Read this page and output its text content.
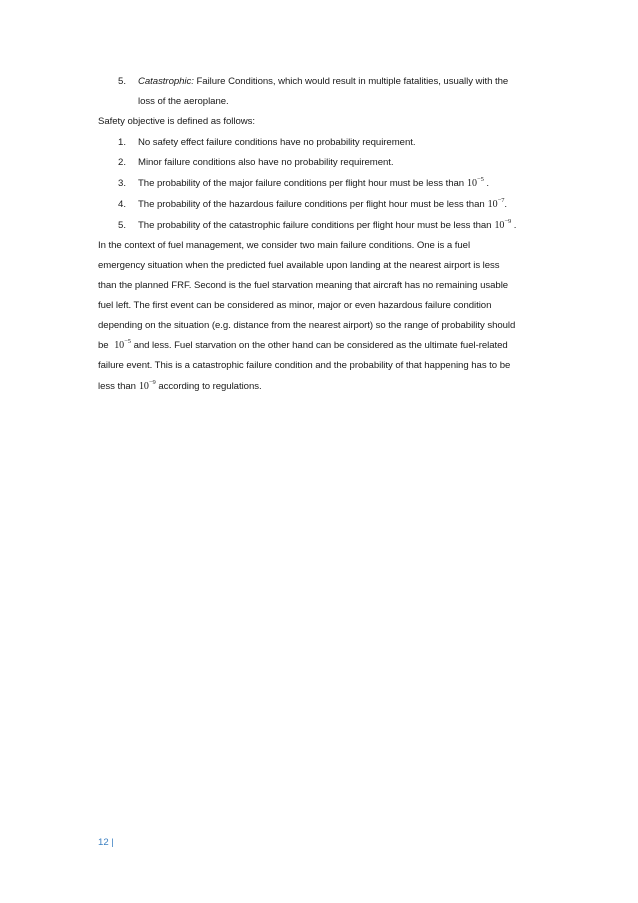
5. Catastrophic: Failure Conditions, which would result in multiple fatalities, usually with the
loss of the aeroplane.
Safety objective is defined as follows:
1. No safety effect failure conditions have no probability requirement.
2. Minor failure conditions also have no probability requirement.
3. The probability of the major failure conditions per flight hour must be less than $10^{-5}$ .
4. The probability of the hazardous failure conditions per flight hour must be less than $10^{-7}$.
5. The probability of the catastrophic failure conditions per flight hour must be less than $10^{-9}$ .
In the context of fuel management, we consider two main failure conditions. One is a fuel
emergency situation when the predicted fuel available upon landing at the nearest airport is less
than the planned FRF. Second is the fuel starvation meaning that aircraft has no remaining usable
fuel left. The first event can be considered as minor, major or even hazardous failure condition
depending on the situation (e.g. distance from the nearest airport) so the range of probability should
be $10^{-5}$ and less. Fuel starvation on the other hand can be considered as the ultimate fuel-related
failure event. This is a catastrophic failure condition and the probability of that happening has to be
less than $10^{-9}$ according to regulations.
12 |
